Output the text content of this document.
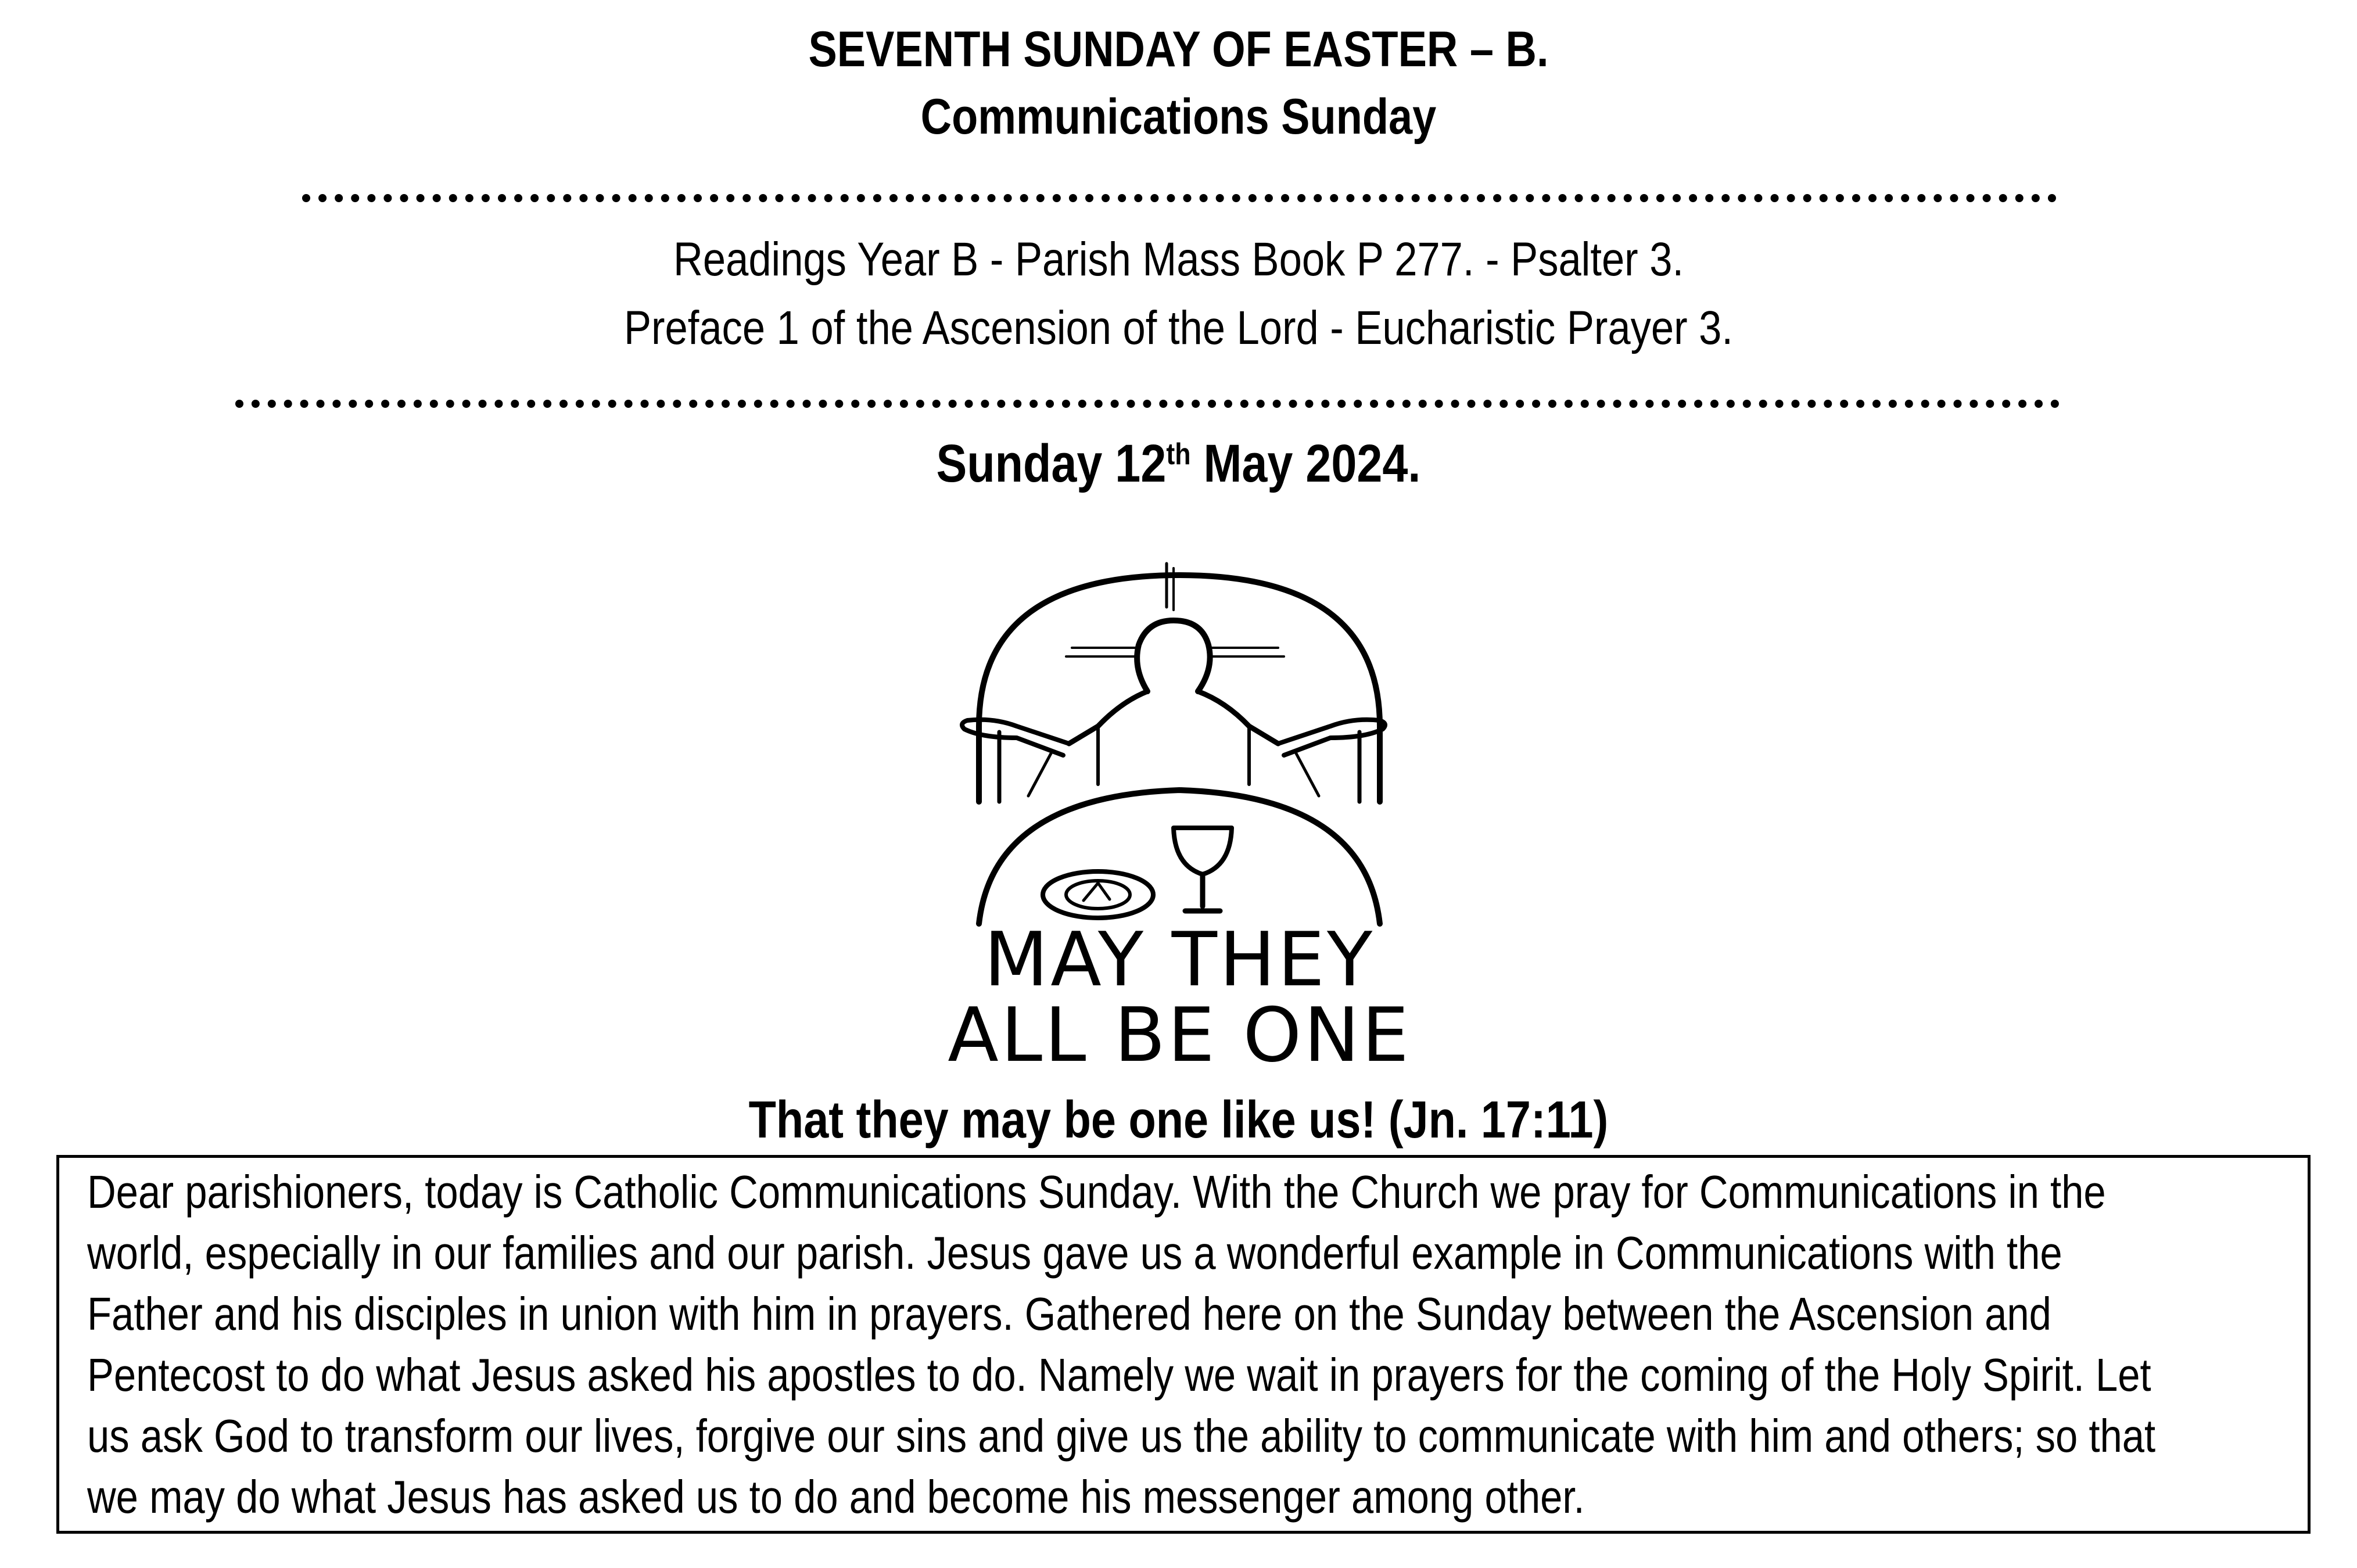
SEVENTH SUNDAY OF EASTER – B.
Communications Sunday
Readings Year B - Parish Mass Book P 277. - Psalter 3.
Preface 1 of the Ascension of the Lord - Eucharistic Prayer 3.
Sunday 12th May 2024.
MAY THEY
ALL BE ONE
That they may be one like us! (Jn. 17:11)
Dear parishioners, today is Catholic Communications Sunday. With the Church we pray for Communications in the world, especially in our families and our parish. Jesus gave us a wonderful example in Communications with the Father and his disciples in union with him in prayers. Gathered here on the Sunday between the Ascension and Pentecost to do what Jesus asked his apostles to do. Namely we wait in prayers for the coming of the Holy Spirit. Let us ask God to transform our lives, forgive our sins and give us the ability to communicate with him and others; so that we may do what Jesus has asked us to do and become his messenger among other.
